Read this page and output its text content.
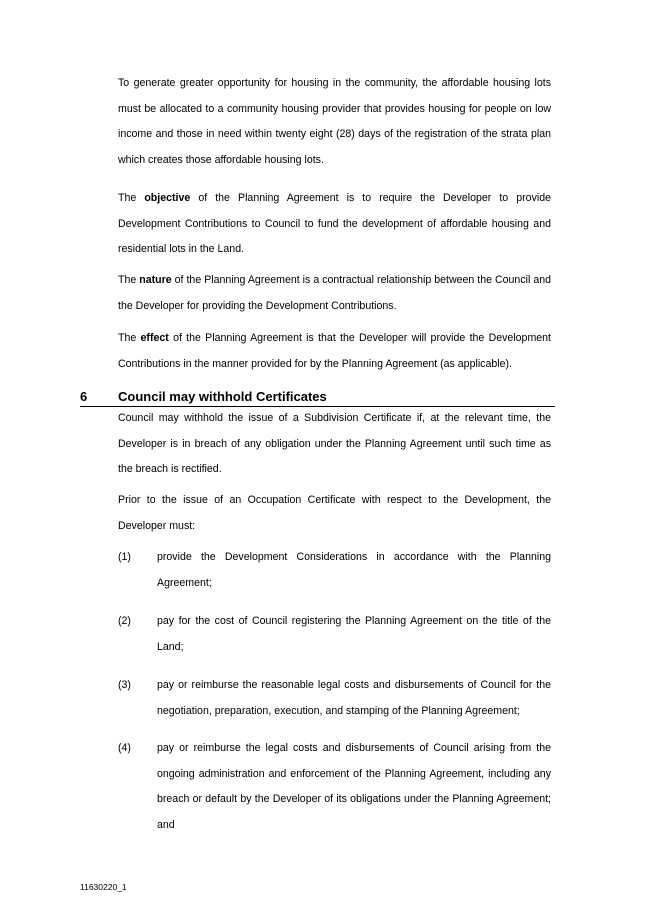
To generate greater opportunity for housing in the community, the affordable housing lots must be allocated to a community housing provider that provides housing for people on low income and those in need within twenty eight (28) days of the registration of the strata plan which creates those affordable housing lots.

The objective of the Planning Agreement is to require the Developer to provide Development Contributions to Council to fund the development of affordable housing and residential lots in the Land.

The nature of the Planning Agreement is a contractual relationship between the Council and the Developer for providing the Development Contributions.

The effect of the Planning Agreement is that the Developer will provide the Development Contributions in the manner provided for by the Planning Agreement (as applicable).

6 Council may withhold Certificates

Council may withhold the issue of a Subdivision Certificate if, at the relevant time, the Developer is in breach of any obligation under the Planning Agreement until such time as the breach is rectified.

Prior to the issue of an Occupation Certificate with respect to the Development, the Developer must:

(1) provide the Development Considerations in accordance with the Planning Agreement;

(2) pay for the cost of Council registering the Planning Agreement on the title of the Land;

(3) pay or reimburse the reasonable legal costs and disbursements of Council for the negotiation, preparation, execution, and stamping of the Planning Agreement;

(4) pay or reimburse the legal costs and disbursements of Council arising from the ongoing administration and enforcement of the Planning Agreement, including any breach or default by the Developer of its obligations under the Planning Agreement; and

11630220_1
